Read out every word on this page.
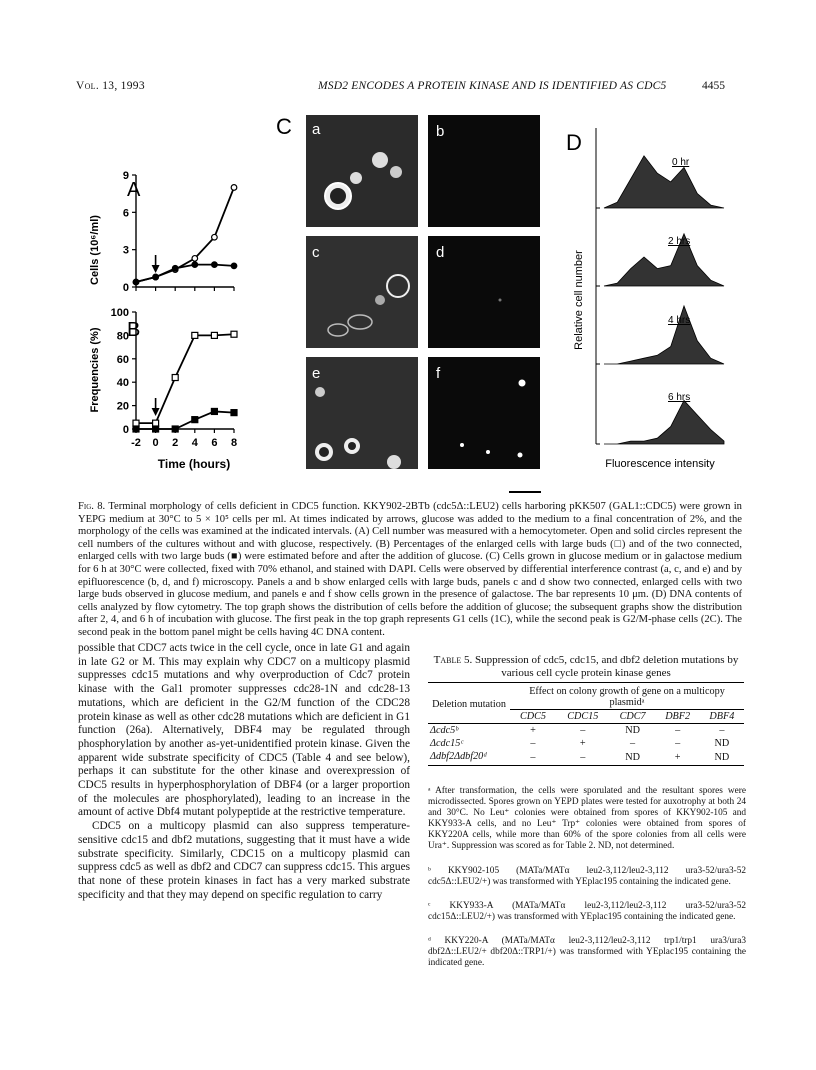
Vol. 13, 1993	MSD2 ENCODES A PROTEIN KINASE AND IS IDENTIFIED AS CDC5	4455
A
Cells (10⁶/ml)
0
3
6
9
B
Frequencies (%)
0
20
40
60
80
100
-2 0 2 4 6 8
Time (hours)
C a	b
c	d
e	f
D
Relative cell number
0 hr
2 hrs
4 hrs
6 hrs
Fluorescence intensity
Fig. 8. Terminal morphology of cells deficient in CDC5 function. KKY902-2BTb (cdc5Δ::LEU2) cells harboring pKK507 (GAL1::CDC5) were grown in YEPG medium at 30°C to 5 × 10⁵ cells per ml. At times indicated by arrows, glucose was added to the medium to a final concentration of 2%, and the morphology of the cells was examined at the indicated intervals. (A) Cell number was measured with a hemocytometer. Open and solid circles represent the cell numbers of the cultures without and with glucose, respectively. (B) Percentages of the enlarged cells with large buds (□) and of the two connected, enlarged cells with two large buds (■) were estimated before and after the addition of glucose. (C) Cells grown in glucose medium or in galactose medium for 6 h at 30°C were collected, fixed with 70% ethanol, and stained with DAPI. Cells were observed by differential interference contrast (a, c, and e) and by epifluorescence (b, d, and f) microscopy. Panels a and b show enlarged cells with large buds, panels c and d show two connected, enlarged cells with two large buds observed in glucose medium, and panels e and f show cells grown in the presence of galactose. The bar represents 10 μm. (D) DNA contents of cells analyzed by flow cytometry. The top graph shows the distribution of cells before the addition of glucose; the subsequent graphs show the distribution after 2, 4, and 6 h of incubation with glucose. The first peak in the top graph represents G1 cells (1C), while the second peak is G2/M-phase cells (2C). The second peak in the bottom panel might be cells having 4C DNA content.

possible that CDC7 acts twice in the cell cycle, once in late G1 and again in late G2 or M. This may explain why CDC7 on a multicopy plasmid suppresses cdc15 mutations and why overproduction of Cdc7 protein kinase with the Gal1 promoter suppresses cdc28-1N and cdc28-13 mutations, which are deficient in the G2/M function of the CDC28 protein kinase as well as other cdc28 mutations which are deficient in G1 function (26a). Alternatively, DBF4 may be regulated through phosphorylation by another as-yet-unidentified protein kinase. Given the apparent wide substrate specificity of CDC5 (Table 4 and see below), perhaps it can substitute for the other kinase and overexpression of CDC5 results in hyperphosphorylation of DBF4 (or a larger proportion of the molecules are phosphorylated), leading to an increase in the amount of active Dbf4 mutant polypeptide at the restrictive temperature.

CDC5 on a multicopy plasmid can also suppress temperature-sensitive cdc15 and dbf2 mutations, suggesting that it must have a wide substrate specificity. Similarly, CDC15 on a multicopy plasmid can suppress cdc5 as well as dbf2 and CDC7 can suppress cdc15. This argues that none of these protein kinases in fact has a very marked substrate specificity and that they may depend on specific regulation to carry

Table 5. Suppression of cdc5, cdc15, and dbf2 deletion mutations by various cell cycle protein kinase genes
Deletion mutation	Effect on colony growth of gene on a multicopy plasmidᵃ				
	CDC5	CDC15	CDC7	DBF2	DBF4
Δcdc5ᵇ	+	–	ND	–	–
Δcdc15ᶜ	–	+	–	–	ND
Δdbf2Δdbf20ᵈ	–	–	ND	+	ND
ᵃ After transformation, the cells were sporulated and the resultant spores were microdissected. Spores grown on YEPD plates were tested for auxotrophy at both 24 and 30°C. No Leu⁺ colonies were obtained from spores of KKY902-105 and KKY933-A cells, and no Leu⁺ Trp⁺ colonies were obtained from spores of KKY220A cells, while more than 60% of the spore colonies from all cells were Ura⁺. Suppression was scored as for Table 2. ND, not determined.
ᵇ KKY902-105 (MATa/MATα leu2-3,112/leu2-3,112 ura3-52/ura3-52 cdc5Δ::LEU2/+) was transformed with YEplac195 containing the indicated gene.
ᶜ KKY933-A (MATa/MATα leu2-3,112/leu2-3,112 ura3-52/ura3-52 cdc15Δ::LEU2/+) was transformed with YEplac195 containing the indicated gene.
ᵈ KKY220-A (MATa/MATα leu2-3,112/leu2-3,112 trp1/trp1 ura3/ura3 dbf2Δ::LEU2/+ dbf20Δ::TRP1/+) was transformed with YEplac195 containing the indicated gene.
